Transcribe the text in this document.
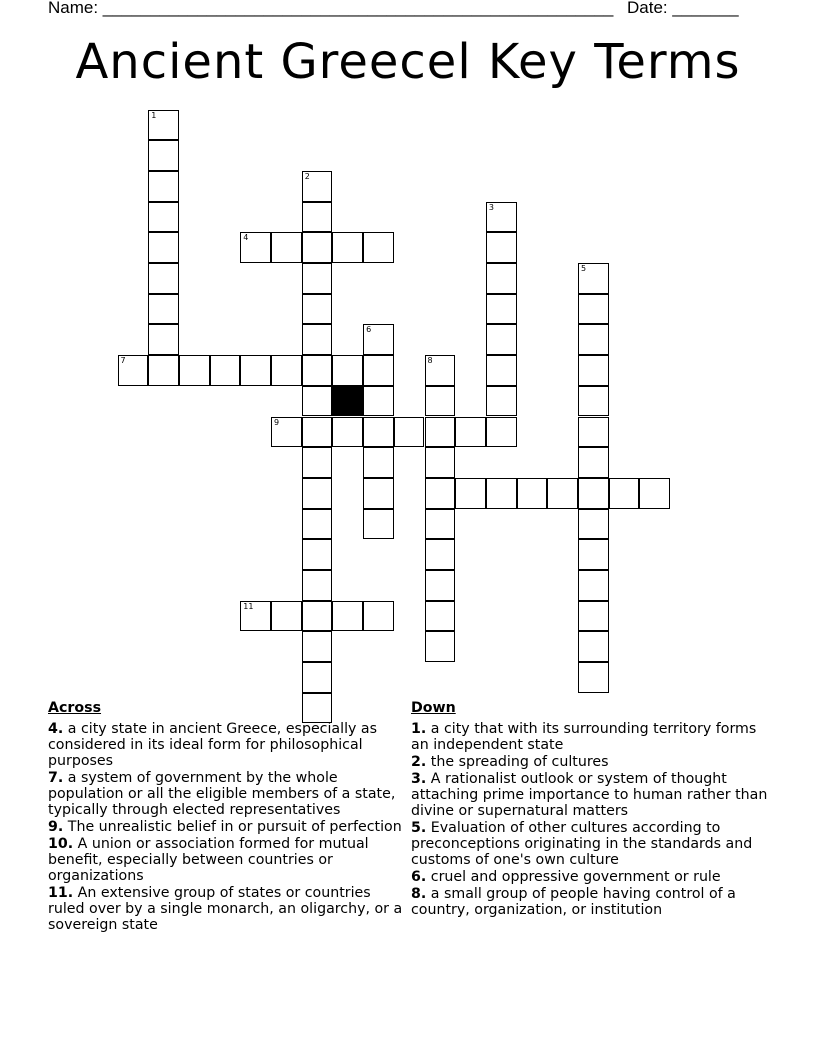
Name: ______________________________________________________ Date: _______
Ancient Greecel Key Terms
1
2
3
4
5
6
7	8
9
11
Across
4. a city state in ancient Greece, especially as considered in its ideal form for philosophical purposes
7. a system of government by the whole population or all the eligible members of a state, typically through elected representatives
9. The unrealistic belief in or pursuit of perfection
10. A union or association formed for mutual benefit, especially between countries or organizations
11. An extensive group of states or countries ruled over by a single monarch, an oligarchy, or a sovereign state
Down
1. a city that with its surrounding territory forms an independent state
2. the spreading of cultures
3. A rationalist outlook or system of thought attaching prime importance to human rather than divine or supernatural matters
5. Evaluation of other cultures according to preconceptions originating in the standards and customs of one's own culture
6. cruel and oppressive government or rule
8. a small group of people having control of a country, organization, or institution
